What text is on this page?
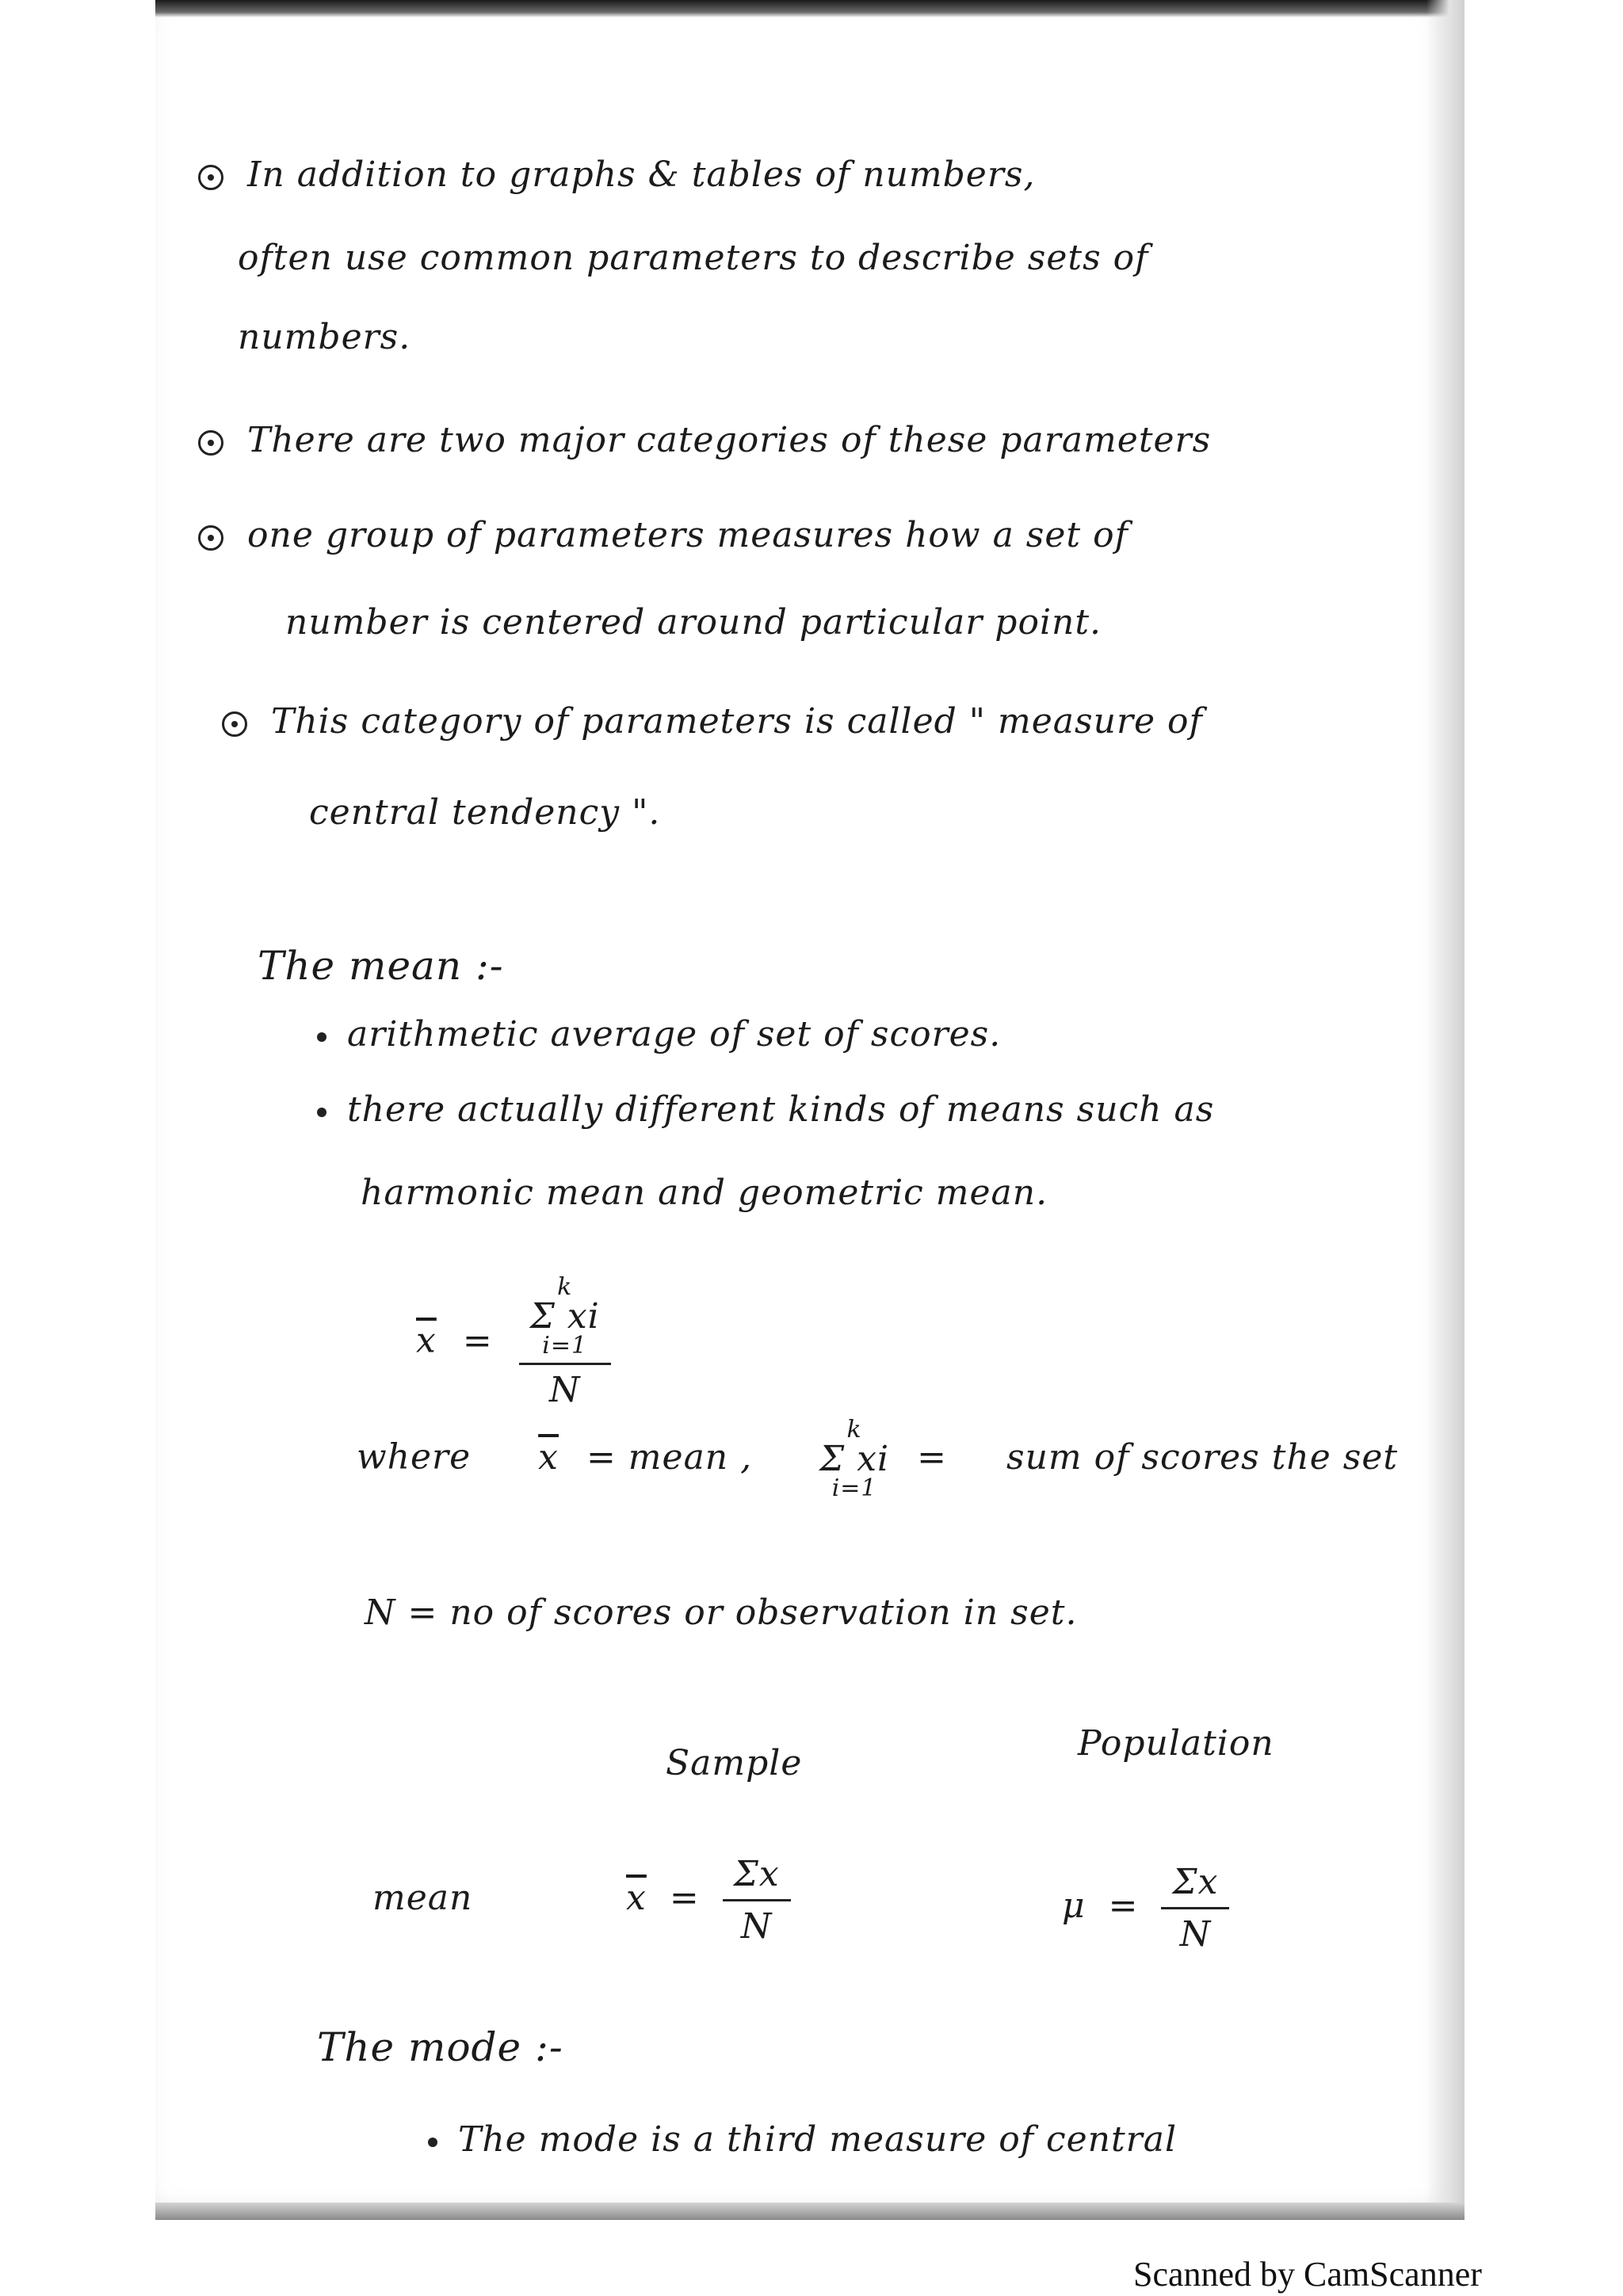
In addition to graphs & tables of numbers,
often use common parameters to describe sets of
numbers.
There are two major categories of these parameters
one group of parameters measures how a set of
number is centered around particular point.
This category of parameters is called " measure of
central tendency ".
The mean :-
arithmetic average of set of scores.
there actually different kinds of means such as
harmonic mean and geometric mean.
$\overline{x} = k$
Σ xi
i=1
N
where $\overline{x}$ = mean ,
k
Σ xi
i=1
= sum of scores the set
N = no of scores or observation in set.
Sample	Population
mean	$\overline{x} = \frac{\Sigma x}{N}$	$\mu = \frac{\Sigma x}{N}$
The mode :-
The mode is a third measure of central
Scanned by CamScanner
